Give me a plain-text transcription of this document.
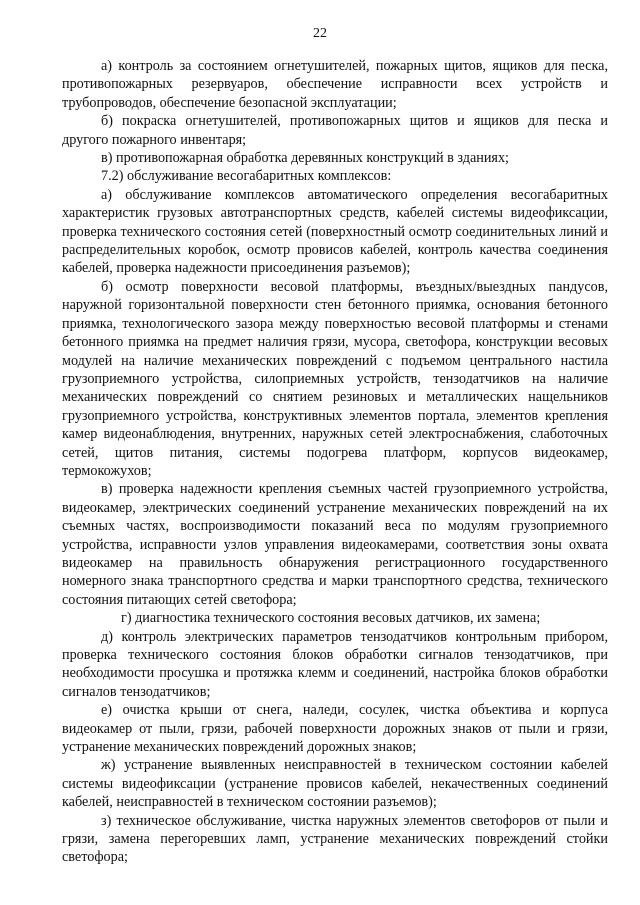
22

а) контроль за состоянием огнетушителей, пожарных щитов, ящиков для песка, противопожарных резервуаров, обеспечение исправности всех устройств и трубопроводов, обеспечение безопасной эксплуатации;

б) покраска огнетушителей, противопожарных щитов и ящиков для песка и другого пожарного инвентаря;

в) противопожарная обработка деревянных конструкций в зданиях;

7.2) обслуживание весогабаритных комплексов:

а) обслуживание комплексов автоматического определения весогабаритных характеристик грузовых автотранспортных средств, кабелей системы видеофиксации, проверка технического состояния сетей (поверхностный осмотр соединительных линий и распределительных коробок, осмотр провисов кабелей, контроль качества соединения кабелей, проверка надежности присоединения разъемов);

б) осмотр поверхности весовой платформы, въездных/выездных пандусов, наружной горизонтальной поверхности стен бетонного приямка, основания бетонного приямка, технологического зазора между поверхностью весовой платформы и стенами бетонного приямка на предмет наличия грязи, мусора, светофора, конструкции весовых модулей на наличие механических повреждений с подъемом центрального настила грузоприемного устройства, силоприемных устройств, тензодатчиков на наличие механических повреждений со снятием резиновых и металлических нащельников грузоприемного устройства, конструктивных элементов портала, элементов крепления камер видеонаблюдения, внутренних, наружных сетей электроснабжения, слаботочных сетей, щитов питания, системы подогрева платформ, корпусов видеокамер, термокожухов;

в) проверка надежности крепления съемных частей грузоприемного устройства, видеокамер, электрических соединений устранение механических повреждений на их съемных частях, воспроизводимости показаний веса по модулям грузоприемного устройства, исправности узлов управления видеокамерами, соответствия зоны охвата видеокамер на правильность обнаружения регистрационного государственного номерного знака транспортного средства и марки транспортного средства, технического состояния питающих сетей светофора;

г) диагностика технического состояния весовых датчиков, их замена;

д) контроль электрических параметров тензодатчиков контрольным прибором, проверка технического состояния блоков обработки сигналов тензодатчиков, при необходимости просушка и протяжка клемм и соединений, настройка блоков обработки сигналов тензодатчиков;

е) очистка крыши от снега, наледи, сосулек, чистка объектива и корпуса видеокамер от пыли, грязи, рабочей поверхности дорожных знаков от пыли и грязи, устранение механических повреждений дорожных знаков;

ж) устранение выявленных неисправностей в техническом состоянии кабелей системы видеофиксации (устранение провисов кабелей, некачественных соединений кабелей, неисправностей в техническом состоянии разъемов);

з) техническое обслуживание, чистка наружных элементов светофоров от пыли и грязи, замена перегоревших ламп, устранение механических повреждений стойки светофора;
